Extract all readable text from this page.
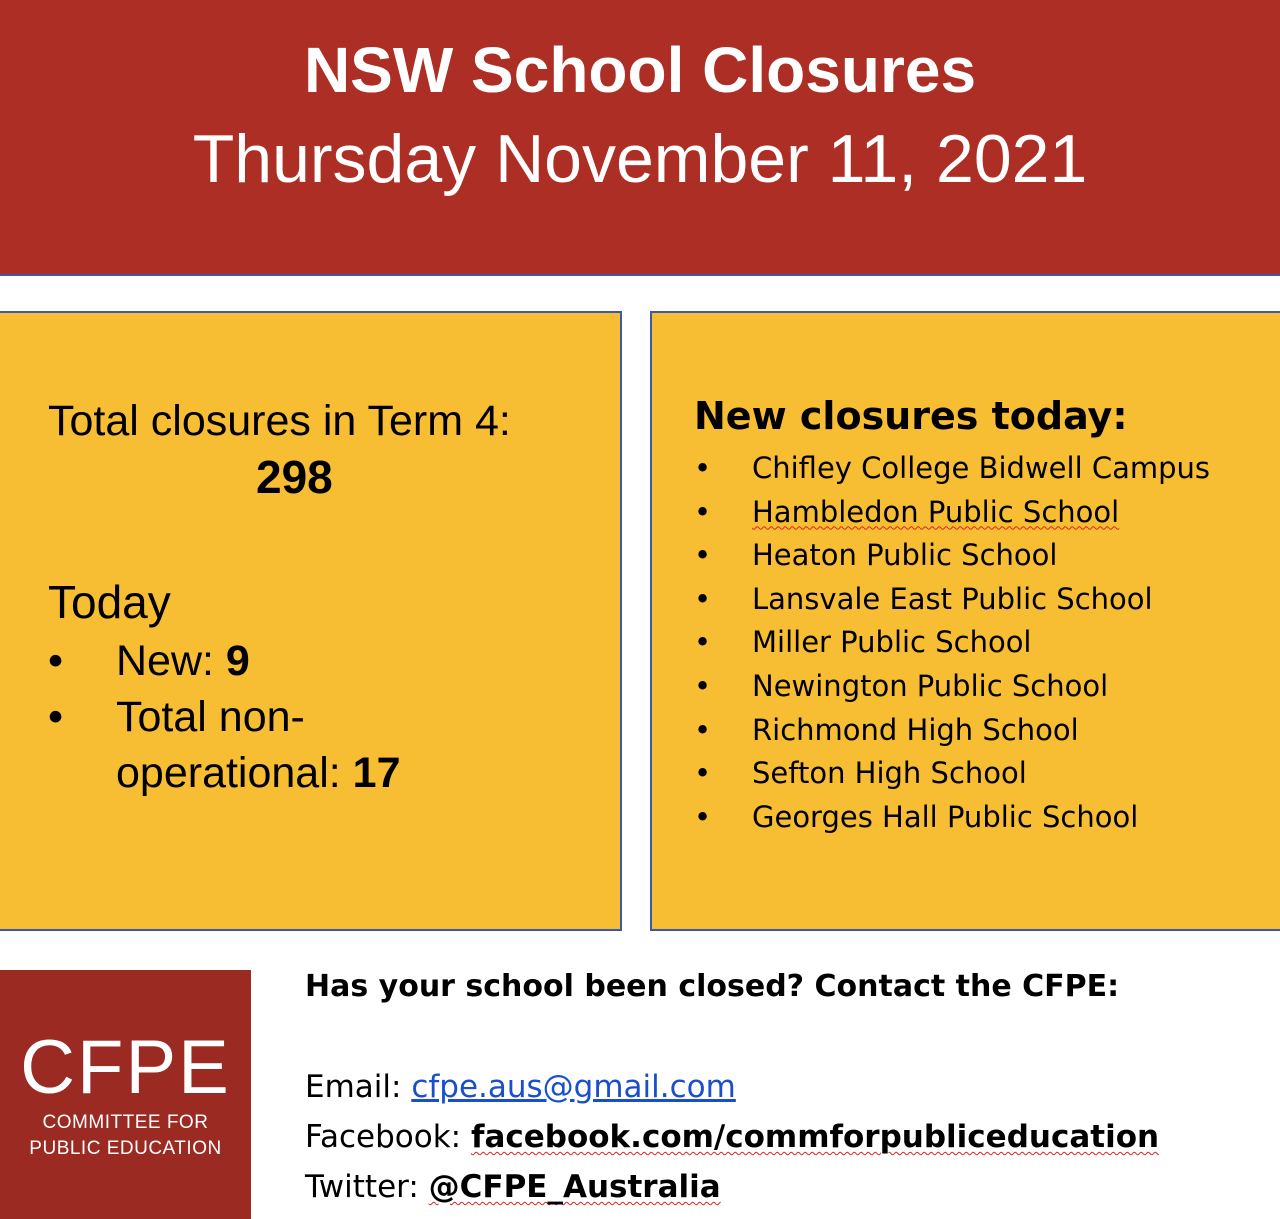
NSW School Closures
Thursday November 11, 2021
Total closures in Term 4:
298
Today
• New: 9
• Total non-operational: 17
New closures today:
• Chifley College Bidwell Campus
• Hambledon Public School
• Heaton Public School
• Lansvale East Public School
• Miller Public School
• Newington Public School
• Richmond High School
• Sefton High School
• Georges Hall Public School
CFPE
COMMITTEE FOR
PUBLIC EDUCATION
Has your school been closed? Contact the CFPE:
Email: cfpe.aus@gmail.com
Facebook: facebook.com/commforpubliceducation
Twitter: @CFPE_Australia
